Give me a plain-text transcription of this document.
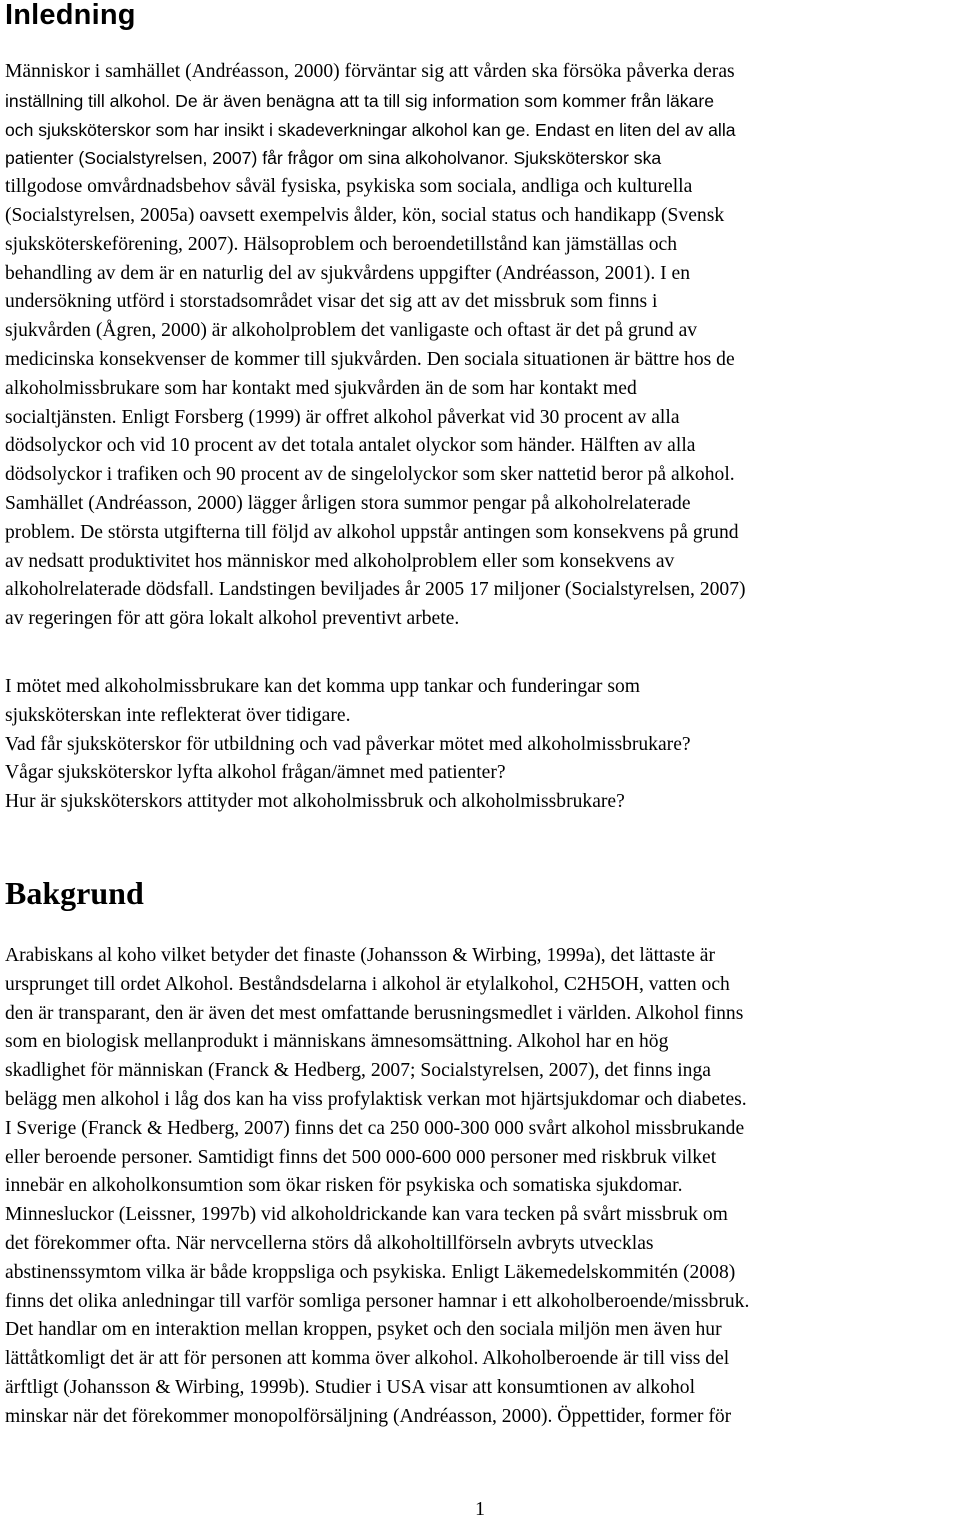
Inledning
Människor i samhället (Andréasson, 2000) förväntar sig att vården ska försöka påverka deras
inställning till alkohol. De är även benägna att ta till sig information som kommer från läkare
och sjuksköterskor som har insikt i skadeverkningar alkohol kan ge. Endast en liten del av alla
patienter (Socialstyrelsen, 2007) får frågor om sina alkoholvanor. Sjuksköterskor ska
tillgodose omvårdnadsbehov såväl fysiska, psykiska som sociala, andliga och kulturella
(Socialstyrelsen, 2005a) oavsett exempelvis ålder, kön, social status och handikapp (Svensk
sjuksköterskeförening, 2007). Hälsoproblem och beroendetillstånd kan jämställas och
behandling av dem är en naturlig del av sjukvårdens uppgifter (Andréasson, 2001). I en
undersökning utförd i storstadsområdet visar det sig att av det missbruk som finns i
sjukvården (Ågren, 2000) är alkoholproblem det vanligaste och oftast är det på grund av
medicinska konsekvenser de kommer till sjukvården. Den sociala situationen är bättre hos de
alkoholmissbrukare som har kontakt med sjukvården än de som har kontakt med
socialtjänsten. Enligt Forsberg (1999) är offret alkohol påverkat vid 30 procent av alla
dödsolyckor och vid 10 procent av det totala antalet olyckor som händer. Hälften av alla
dödsolyckor i trafiken och 90 procent av de singelolyckor som sker nattetid beror på alkohol.
Samhället (Andréasson, 2000) lägger årligen stora summor pengar på alkoholrelaterade
problem. De största utgifterna till följd av alkohol uppstår antingen som konsekvens på grund
av nedsatt produktivitet hos människor med alkoholproblem eller som konsekvens av
alkoholrelaterade dödsfall. Landstingen beviljades år 2005 17 miljoner (Socialstyrelsen, 2007)
av regeringen för att göra lokalt alkohol preventivt arbete.
I mötet med alkoholmissbrukare kan det komma upp tankar och funderingar som
sjuksköterskan inte reflekterat över tidigare.
Vad får sjuksköterskor för utbildning och vad påverkar mötet med alkoholmissbrukare?
Vågar sjuksköterskor lyfta alkohol frågan/ämnet med patienter?
Hur är sjuksköterskors attityder mot alkoholmissbruk och alkoholmissbrukare?
Bakgrund
Arabiskans al koho vilket betyder det finaste (Johansson & Wirbing, 1999a), det lättaste är
ursprunget till ordet Alkohol. Beståndsdelarna i alkohol är etylalkohol, C2H5OH, vatten och
den är transparant, den är även det mest omfattande berusningsmedlet i världen. Alkohol finns
som en biologisk mellanprodukt i människans ämnesomsättning. Alkohol har en hög
skadlighet för människan (Franck & Hedberg, 2007; Socialstyrelsen, 2007), det finns inga
belägg men alkohol i låg dos kan ha viss profylaktisk verkan mot hjärtsjukdomar och diabetes.
I Sverige (Franck & Hedberg, 2007) finns det ca 250 000-300 000 svårt alkohol missbrukande
eller beroende personer. Samtidigt finns det 500 000-600 000 personer med riskbruk vilket
innebär en alkoholkonsumtion som ökar risken för psykiska och somatiska sjukdomar.
Minnesluckor (Leissner, 1997b) vid alkoholdrickande kan vara tecken på svårt missbruk om
det förekommer ofta. När nervcellerna störs då alkoholtillförseln avbryts utvecklas
abstinenssymtom vilka är både kroppsliga och psykiska. Enligt Läkemedelskommitén (2008)
finns det olika anledningar till varför somliga personer hamnar i ett alkoholberoende/missbruk.
Det handlar om en interaktion mellan kroppen, psyket och den sociala miljön men även hur
lättåtkomligt det är att för personen att komma över alkohol. Alkoholberoende är till viss del
ärftligt (Johansson & Wirbing, 1999b). Studier i USA visar att konsumtionen av alkohol
minskar när det förekommer monopolförsäljning (Andréasson, 2000). Öppettider, former för
1
